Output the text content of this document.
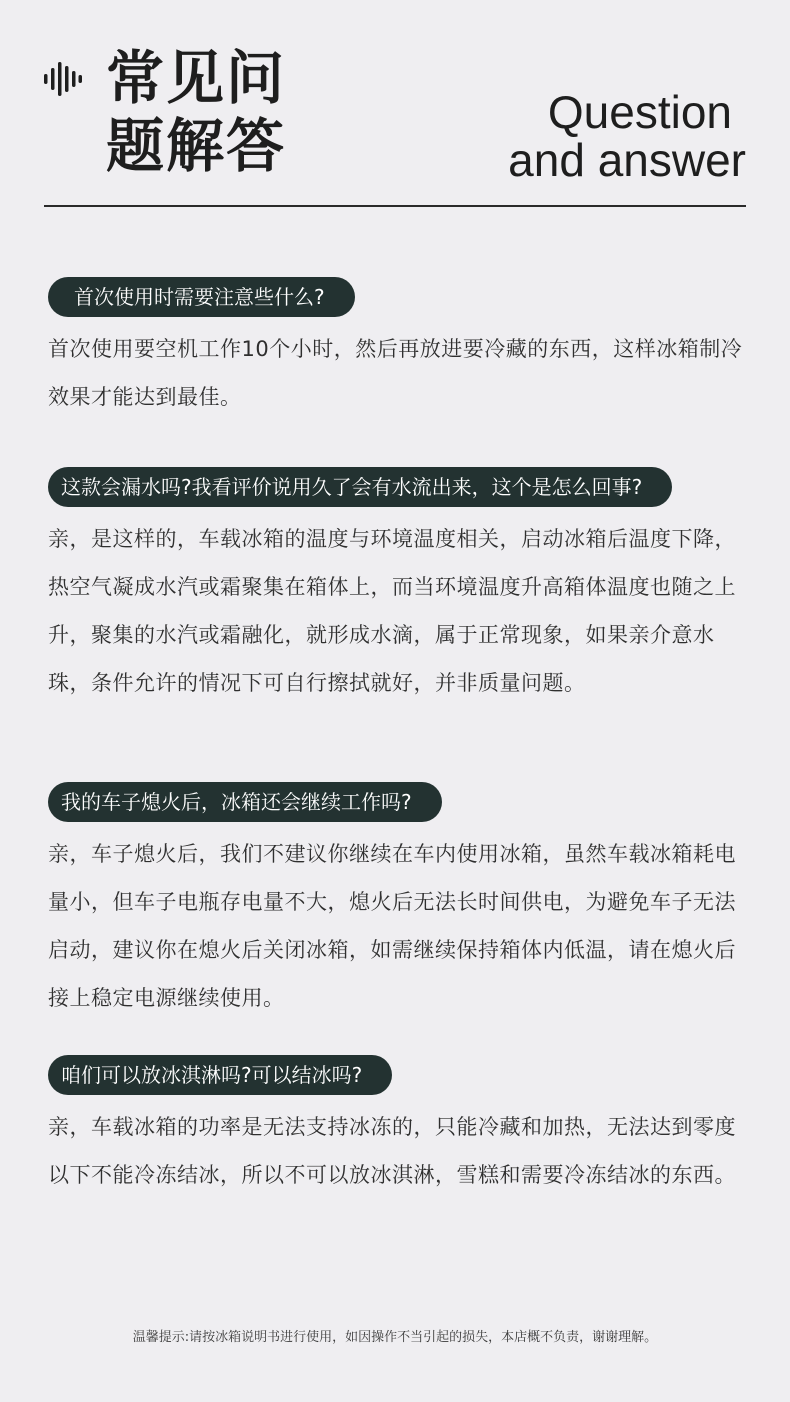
常见问
题解答	Question
and answer
首次使用时需要注意些什么?
首次使用要空机工作10个小时，然后再放进要冷藏的东西，这样冰箱制冷效果才能达到最佳。
这款会漏水吗?我看评价说用久了会有水流出来，这个是怎么回事?
亲，是这样的，车载冰箱的温度与环境温度相关，启动冰箱后温度下降，热空气凝成水汽或霜聚集在箱体上，而当环境温度升高箱体温度也随之上升，聚集的水汽或霜融化，就形成水滴，属于正常现象，如果亲介意水珠，条件允许的情况下可自行擦拭就好，并非质量问题。
我的车子熄火后，冰箱还会继续工作吗?
亲，车子熄火后，我们不建议你继续在车内使用冰箱，虽然车载冰箱耗电量小，但车子电瓶存电量不大，熄火后无法长时间供电，为避免车子无法启动，建议你在熄火后关闭冰箱，如需继续保持箱体内低温，请在熄火后接上稳定电源继续使用。
咱们可以放冰淇淋吗?可以结冰吗?
亲，车载冰箱的功率是无法支持冰冻的，只能冷藏和加热，无法达到零度以下不能冷冻结冰，所以不可以放冰淇淋，雪糕和需要冷冻结冰的东西。
温馨提示:请按冰箱说明书进行使用，如因操作不当引起的损失，本店概不负责，谢谢理解。
